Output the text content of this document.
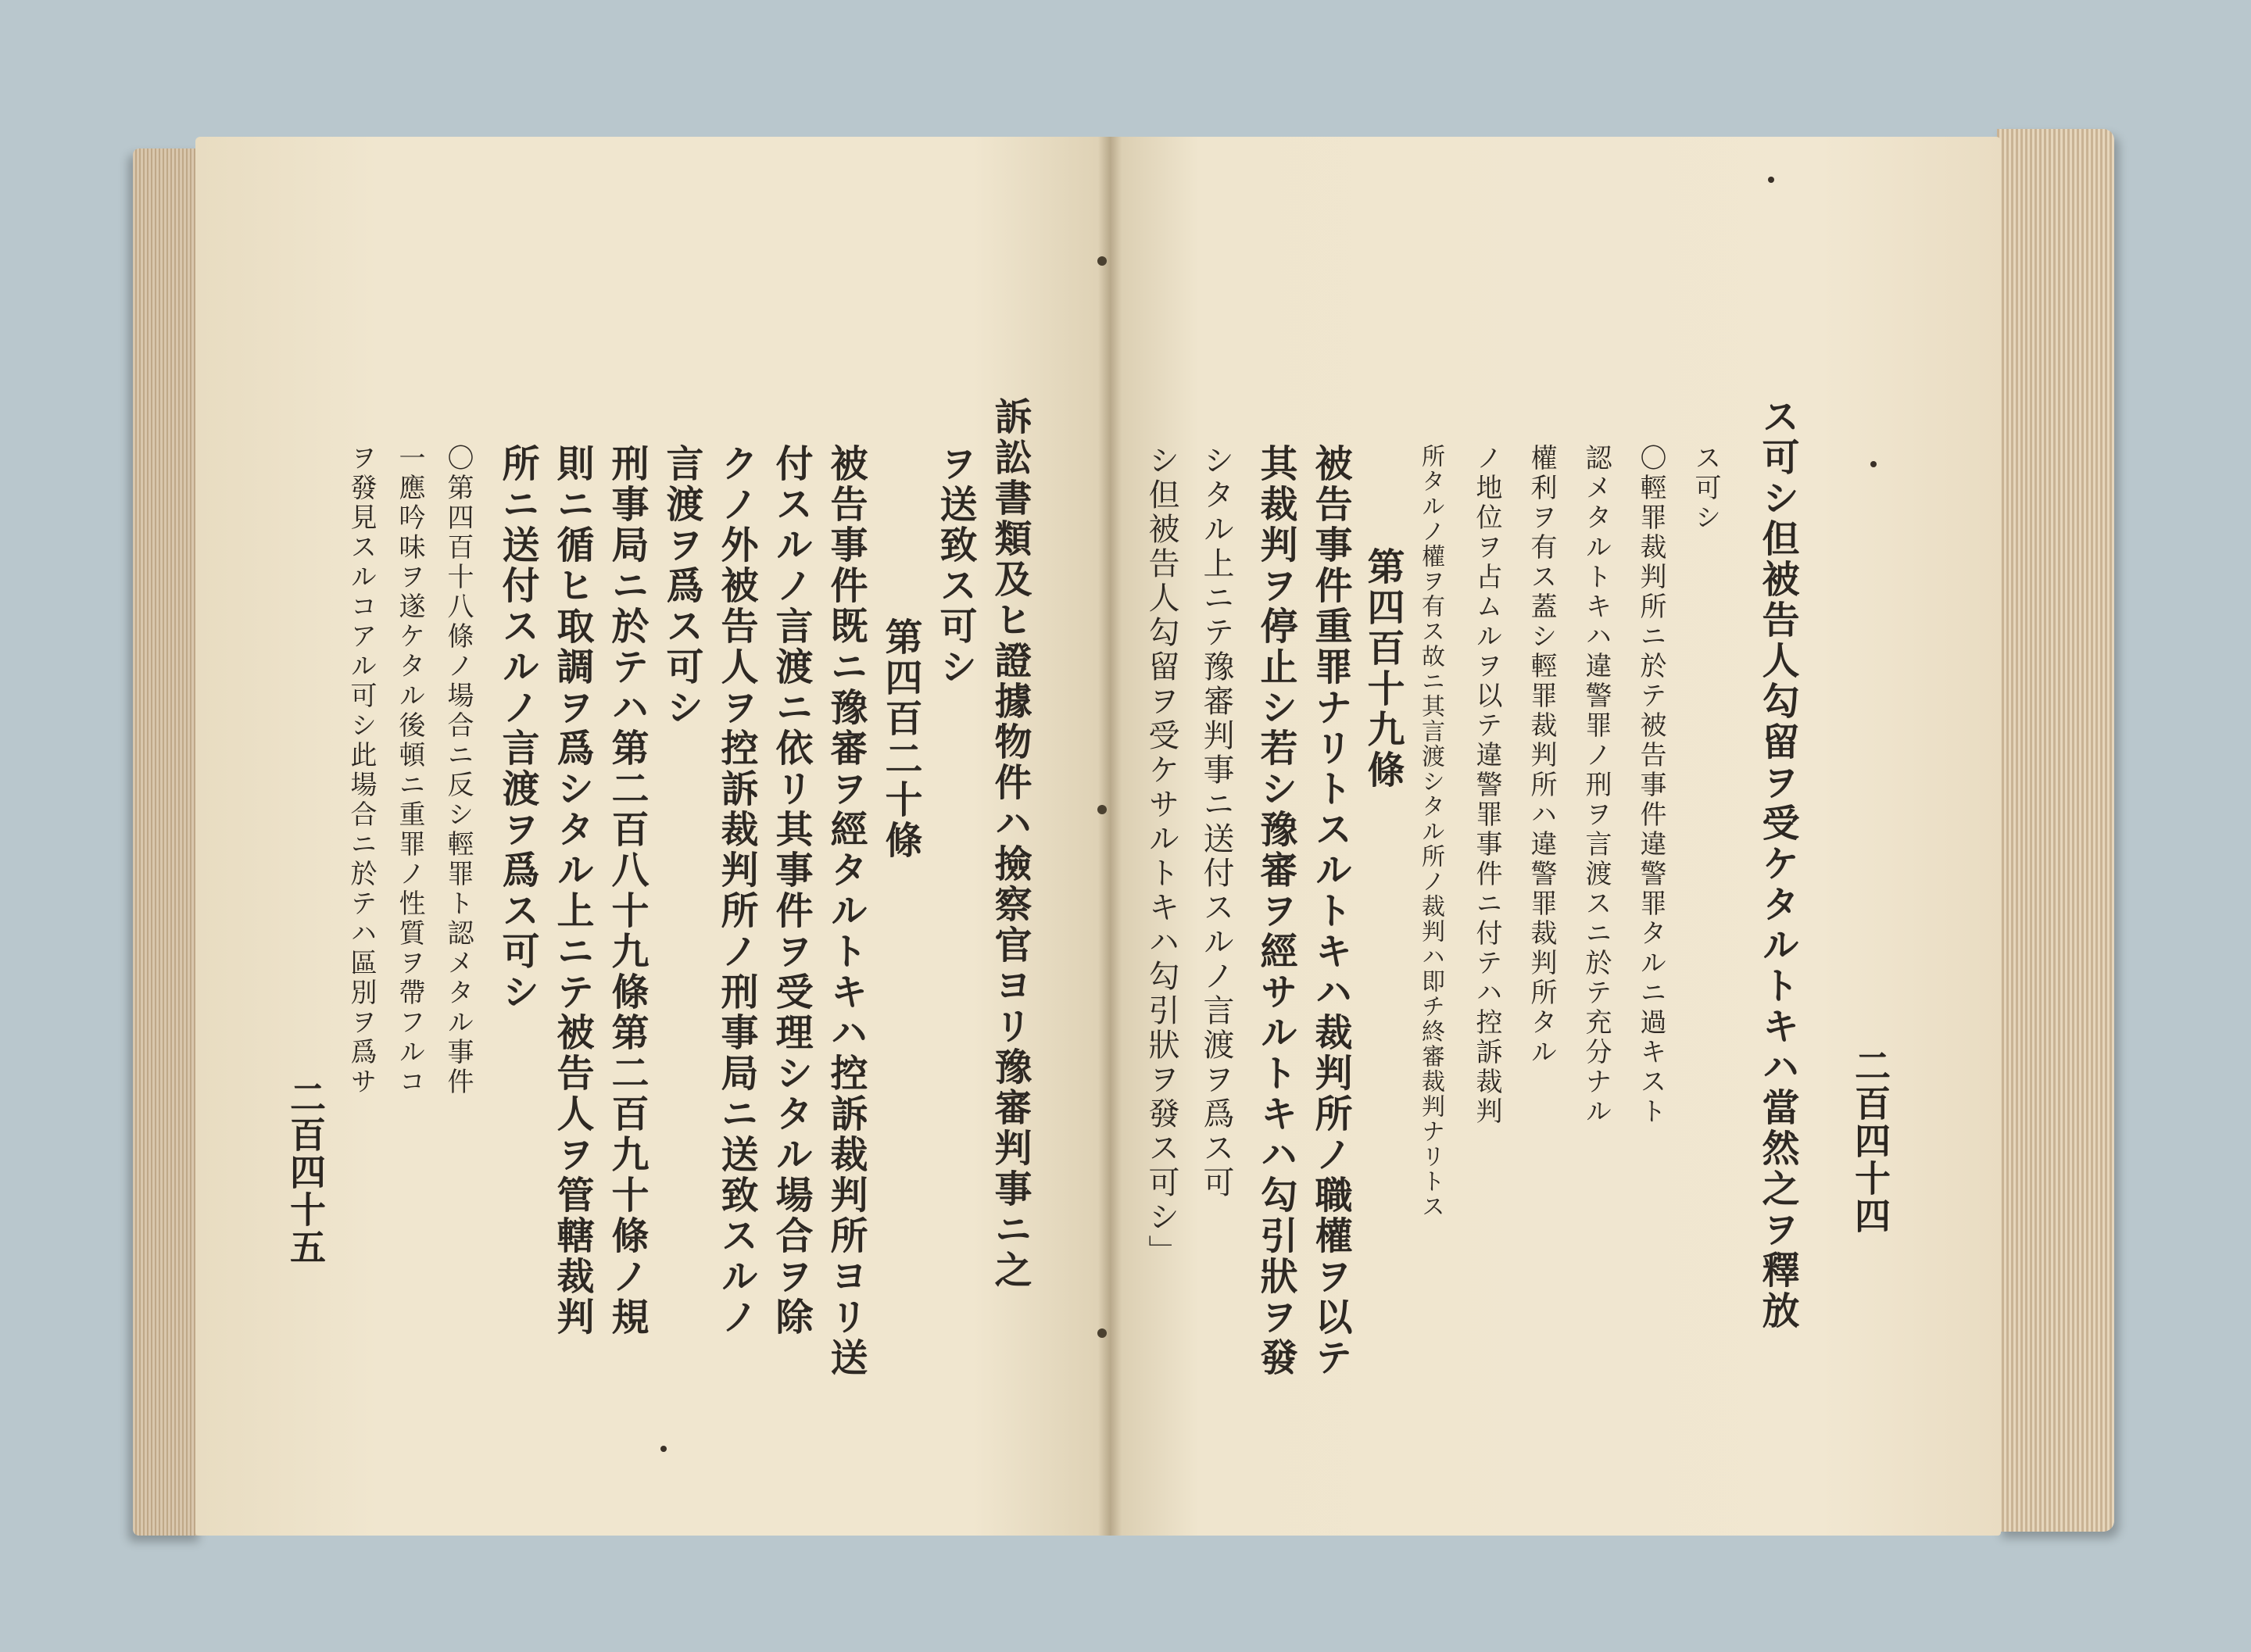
ス可シ但被告人勾留ヲ受ケタルトキハ當然之ヲ釋放
ス可シ
〇輕罪裁判所ニ於テ被告事件違警罪タルニ過キスト
認メタルトキハ違警罪ノ刑ヲ言渡スニ於テ充分ナル
權利ヲ有ス蓋シ輕罪裁判所ハ違警罪裁判所タル
ノ地位ヲ占ムルヲ以テ違警罪事件ニ付テハ控訴裁判
所タルノ權ヲ有ス故ニ其言渡シタル所ノ裁判ハ即チ終審裁判ナリトス
第四百十九條
被告事件重罪ナリトスルトキハ裁判所ノ職權ヲ以テ
其裁判ヲ停止シ若シ豫審ヲ經サルトキハ勾引狀ヲ發
シタル上ニテ豫審判事ニ送付スルノ言渡ヲ爲ス可
シ但被告人勾留ヲ受ケサルトキハ勾引狀ヲ發ス可シ」	二百四十四
訴訟書類及ヒ證據物件ハ撿察官ヨリ豫審判事ニ之
ヲ送致ス可シ
第四百二十條
被告事件既ニ豫審ヲ經タルトキハ控訴裁判所ヨリ送
付スルノ言渡ニ依リ其事件ヲ受理シタル場合ヲ除
クノ外被告人ヲ控訴裁判所ノ刑事局ニ送致スルノ
言渡ヲ爲ス可シ
刑事局ニ於テハ第二百八十九條第二百九十條ノ規
則ニ循ヒ取調ヲ爲シタル上ニテ被告人ヲ管轄裁判
所ニ送付スルノ言渡ヲ爲ス可シ
〇第四百十八條ノ場合ニ反シ輕罪ト認メタル事件
一應吟味ヲ遂ケタル後頓ニ重罪ノ性質ヲ帶フルコ
ヲ發見スルコアル可シ此場合ニ於テハ區別ヲ爲サ
二百四十五
